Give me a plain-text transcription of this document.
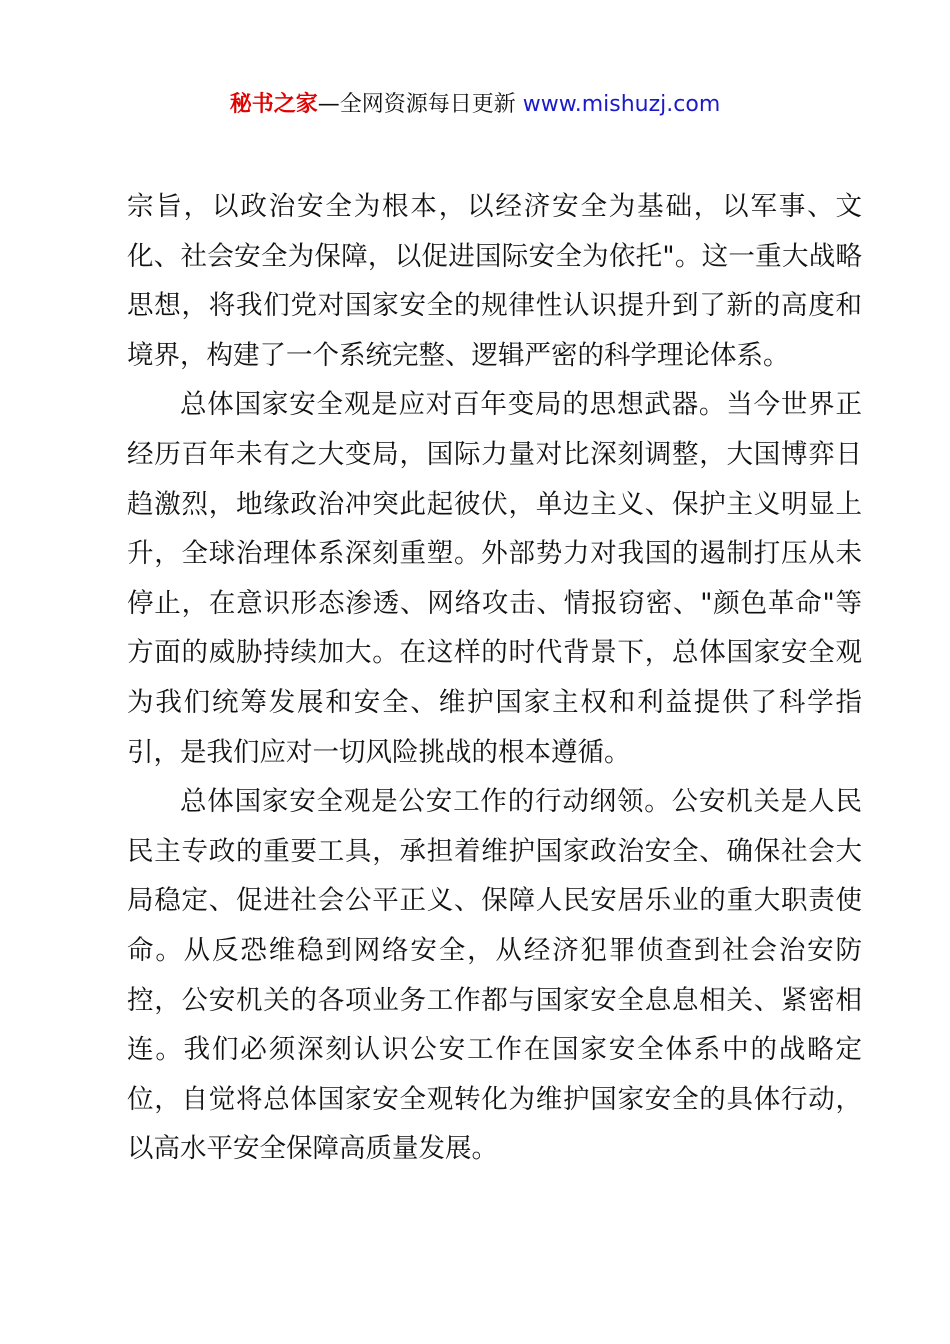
秘书之家—全网资源每日更新 www.mishuzj.com

宗旨，以政治安全为根本，以经济安全为基础，以军事、文化、社会安全为保障，以促进国际安全为依托"。这一重大战略思想，将我们党对国家安全的规律性认识提升到了新的高度和境界，构建了一个系统完整、逻辑严密的科学理论体系。

总体国家安全观是应对百年变局的思想武器。当今世界正经历百年未有之大变局，国际力量对比深刻调整，大国博弈日趋激烈，地缘政治冲突此起彼伏，单边主义、保护主义明显上升，全球治理体系深刻重塑。外部势力对我国的遏制打压从未停止，在意识形态渗透、网络攻击、情报窃密、"颜色革命"等方面的威胁持续加大。在这样的时代背景下，总体国家安全观为我们统筹发展和安全、维护国家主权和利益提供了科学指引，是我们应对一切风险挑战的根本遵循。

总体国家安全观是公安工作的行动纲领。公安机关是人民民主专政的重要工具，承担着维护国家政治安全、确保社会大局稳定、促进社会公平正义、保障人民安居乐业的重大职责使命。从反恐维稳到网络安全，从经济犯罪侦查到社会治安防控，公安机关的各项业务工作都与国家安全息息相关、紧密相连。我们必须深刻认识公安工作在国家安全体系中的战略定位，自觉将总体国家安全观转化为维护国家安全的具体行动，以高水平安全保障高质量发展。
